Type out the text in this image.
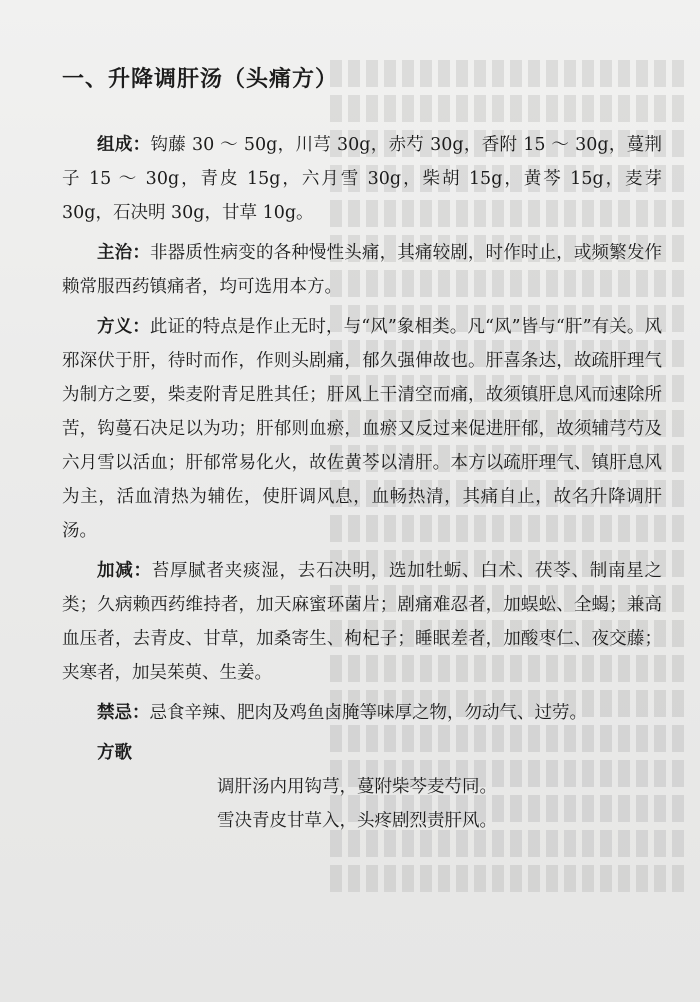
一、升降调肝汤（头痛方）

组成：钩藤 30 ～ 50g，川芎 30g，赤芍 30g，香附 15 ～ 30g，蔓荆子 15 ～ 30g，青皮 15g，六月雪 30g，柴胡 15g，黄芩 15g，麦芽 30g，石决明 30g，甘草 10g。

主治：非器质性病变的各种慢性头痛，其痛较剧，时作时止，或频繁发作赖常服西药镇痛者，均可选用本方。

方义：此证的特点是作止无时，与“风”象相类。凡“风”皆与“肝”有关。风邪深伏于肝，待时而作，作则头剧痛，郁久强伸故也。肝喜条达，故疏肝理气为制方之要，柴麦附青足胜其任；肝风上干清空而痛，故须镇肝息风而速除所苦，钩蔓石决足以为功；肝郁则血瘀，血瘀又反过来促进肝郁，故须辅芎芍及六月雪以活血；肝郁常易化火，故佐黄芩以清肝。本方以疏肝理气、镇肝息风为主，活血清热为辅佐，使肝调风息，血畅热清，其痛自止，故名升降调肝汤。

加减：苔厚腻者夹痰湿，去石决明，选加牡蛎、白术、茯苓、制南星之类；久病赖西药维持者，加天麻蜜环菌片；剧痛难忍者，加蜈蚣、全蝎；兼高血压者，去青皮、甘草，加桑寄生、枸杞子；睡眠差者，加酸枣仁、夜交藤；夹寒者，加吴茱萸、生姜。

禁忌：忌食辛辣、肥肉及鸡鱼卤腌等味厚之物，勿动气、过劳。

方歌

调肝汤内用钩芎，蔓附柴芩麦芍同。

雪决青皮甘草入，头疼剧烈责肝风。
